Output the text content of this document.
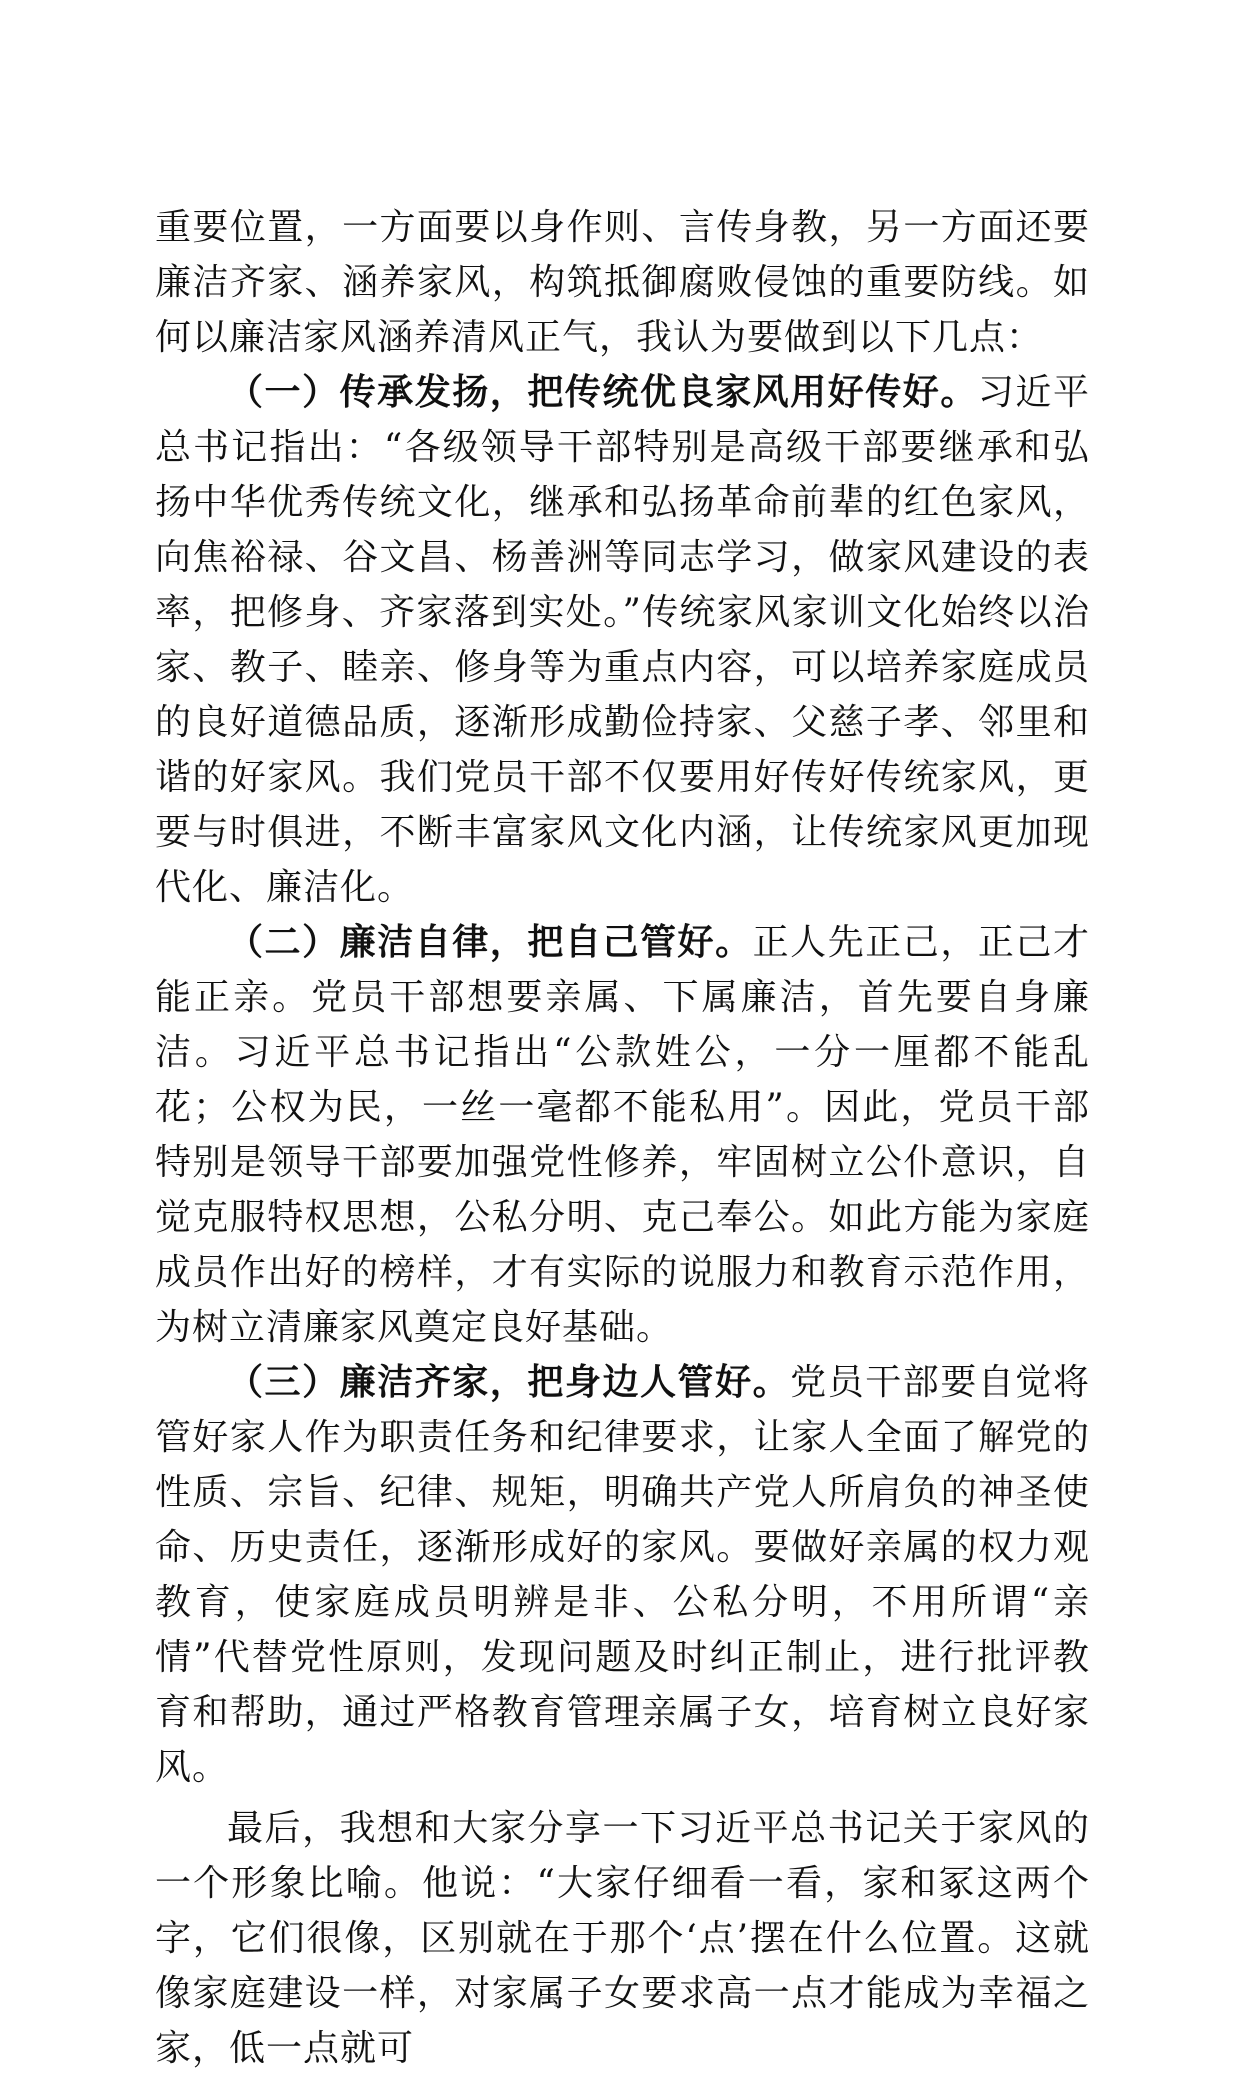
重要位置，一方面要以身作则、言传身教，另一方面还要廉洁齐家、涵养家风，构筑抵御腐败侵蚀的重要防线。如何以廉洁家风涵养清风正气，我认为要做到以下几点：

（一）传承发扬，把传统优良家风用好传好。习近平总书记指出：“各级领导干部特别是高级干部要继承和弘扬中华优秀传统文化，继承和弘扬革命前辈的红色家风，向焦裕禄、谷文昌、杨善洲等同志学习，做家风建设的表率，把修身、齐家落到实处。”传统家风家训文化始终以治家、教子、睦亲、修身等为重点内容，可以培养家庭成员的良好道德品质，逐渐形成勤俭持家、父慈子孝、邻里和谐的好家风。我们党员干部不仅要用好传好传统家风，更要与时俱进，不断丰富家风文化内涵，让传统家风更加现代化、廉洁化。

（二）廉洁自律，把自己管好。正人先正己，正己才能正亲。党员干部想要亲属、下属廉洁，首先要自身廉洁。习近平总书记指出“公款姓公，一分一厘都不能乱花；公权为民，一丝一毫都不能私用”。因此，党员干部特别是领导干部要加强党性修养，牢固树立公仆意识，自觉克服特权思想，公私分明、克己奉公。如此方能为家庭成员作出好的榜样，才有实际的说服力和教育示范作用，为树立清廉家风奠定良好基础。

（三）廉洁齐家，把身边人管好。党员干部要自觉将管好家人作为职责任务和纪律要求，让家人全面了解党的性质、宗旨、纪律、规矩，明确共产党人所肩负的神圣使命、历史责任，逐渐形成好的家风。要做好亲属的权力观教育，使家庭成员明辨是非、公私分明，不用所谓“亲情”代替党性原则，发现问题及时纠正制止，进行批评教育和帮助，通过严格教育管理亲属子女，培育树立良好家风。

最后，我想和大家分享一下习近平总书记关于家风的一个形象比喻。他说：“大家仔细看一看，家和冢这两个字，它们很像，区别就在于那个‘点’摆在什么位置。这就像家庭建设一样，对家属子女要求高一点才能成为幸福之家，低一点就可
